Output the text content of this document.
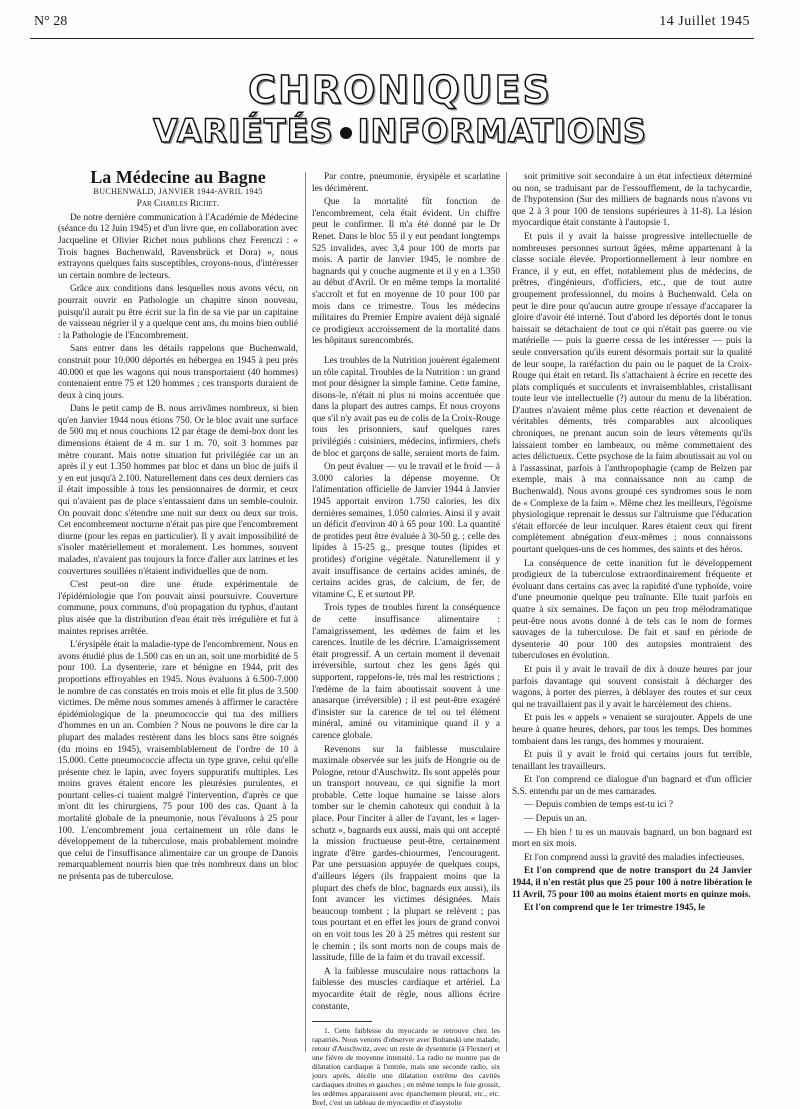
N° 28	14 Juillet 1945
CHRONIQUES
VARIÉTÉS INFORMATIONS

La Médecine au Bagne

BUCHENWALD, JANVIER 1944-AVRIL 1945

Par Charles Richet.

De notre dernière communication à l'Académie de Médecine (séance du 12 Juin 1945) et d'un livre que, en collaboration avec Jacqueline et Olivier Richet nous publions chez Ferenczi : « Trois bagnes Buchenwald, Ravensbrück et Dora) », nous extrayons quelques faits susceptibles, croyons-nous, d'intéresser un certain nombre de lecteurs.

Grâce aux conditions dans lesquelles nous avons vécu, on pourrait ouvrir en Pathologie un chapitre sinon nouveau, puisqu'il aurait pu être écrit sur la fin de sa vie par un capitaine de vaisseau négrier il y a quelque cent ans, du moins bien oublié : la Pathologie de l'Encombrement.

Sans entrer dans les détails rappelons que Buchenwald, construit pour 10.000 déportés en hébergea en 1945 à peu près 40.000 et que les wagons qui nous transportaient (40 hommes) contenaient entre 75 et 120 hommes ; ces transports duraient de deux à cinq jours.

Dans le petit camp de B. nous arrivâmes nombreux, si bien qu'en Janvier 1944 nous étions 750. Or le bloc avait une surface de 500 mq et nous couchions 12 par étage de demi-box dont les dimensions étaient de 4 m. sur 1 m. 70, soit 3 hommes par mètre courant. Mais notre situation fut privilégiée car un an après il y eut 1.350 hommes par bloc et dans un bloc de juifs il y en eut jusqu'à 2.100. Naturellement dans ces deux derniers cas il était impossible à tous les pensionnaires de dormir, et ceux qui n'avaient pas de place s'entassaient dans un semble-couloir. On pouvait donc s'étendre une nuit sur deux ou deux sur trois. Cet encombrement nocturne n'était pas pire que l'encombrement diurne (pour les repas en particulier). Il y avait impossibilité de s'isoler matériellement et moralement. Les hommes, souvent malades, n'avaient pas toujours la force d'aller aux latrines et les couvertures souillées n'étaient individuelles que de nom.

C'est peut-on dire une étude expérimentale de l'épidémiologie que l'on pouvait ainsi poursuivre. Couverture commune, poux communs, d'où propagation du typhus, d'autant plus aisée que la distribution d'eau était très irrégulière et fut à maintes reprises arrêtée.

L'érysipèle était la maladie-type de l'encombrement. Nous en avons étudié plus de 1.500 cas en un an, soit une morbidité de 5 pour 100. La dysenterie, rare et bénigne en 1944, prit des proportions effroyables en 1945. Nous évaluons à 6.500-7.000 le nombre de cas constatés en trois mois et elle fit plus de 3.500 victimes. De même nous sommes amenés à affirmer le caractère épidémiologique de la pneumococcie qui tua des milliers d'hommes en un an. Combien ? Nous ne pouvons le dire car la plupart des malades restèrent dans les blocs sans être soignés (du moins en 1945), vraisemblablement de l'ordre de 10 à 15.000. Cette pneumococcie affecta un type grave, celui qu'elle présente chez le lapin, avec foyers suppuratifs multiples. Les moins graves étaient encore les pleurésies purulentes, et pourtant celles-ci tuaient malgré l'intervention, d'après ce que m'ont dit les chirurgiens, 75 pour 100 des cas. Quant à la mortalité globale de la pneumonie, nous l'évaluons à 25 pour 100. L'encombrement joua certainement un rôle dans le développement de la tuberculose, mais probablement moindre que celui de l'insuffisance alimentaire car un groupe de Danois remarquablement nourris bien que très nombreux dans un bloc ne présenta pas de tuberculose.

Par contre, pneumonie, érysipèle et scarlatine les décimèrent.

Que la mortalité fût fonction de l'encombrement, cela était évident. Un chiffre peut le confirmer. Il m'a été donné par le Dr Renet. Dans le bloc 55 il y eut pendant longtemps 525 invalides, avec 3,4 pour 100 de morts par mois. A partir de Janvier 1945, le nombre de bagnards qui y couche augmente et il y en a 1.350 au début d'Avril. Or en même temps la mortalité s'accroît et fut en moyenne de 10 pour 100 par mois dans ce trimestre. Tous les médecins militaires du Premier Empire avaient déjà signalé ce prodigieux accroissement de la mortalité dans les hôpitaux surencombrés.

Les troubles de la Nutrition jouèrent également un rôle capital. Troubles de la Nutrition : un grand mot pour désigner la simple famine. Cette famine, disons-le, n'était ni plus ni moins accentuée que dans la plupart des autres camps. Et nous croyons que s'il n'y avait pas eu de colis de la Croix-Rouge tous les prisonniers, sauf quelques rares privilégiés : cuisiniers, médecins, infirmiers, chefs de bloc et garçons de salle, seraient morts de faim.

On peut évaluer — vu le travail et le froid — à 3.000 calories la dépense moyenne. Or l'alimentation officielle de Janvier 1944 à Janvier 1945 apportait environ 1.750 calories, les dix dernières semaines, 1.050 calories. Ainsi il y avait un déficit d'environ 40 à 65 pour 100. La quantité de protides peut être évaluée à 30-50 g. ; celle des lipides à 15-25 g., presque toutes (lipides et protides) d'origine végétale. Naturellement il y avait insuffisance de certains acides aminés, de certains acides gras, de calcium, de fer, de vitamine C, E et surtout PP.

Trois types de troubles furent la conséquence de cette insuffisance alimentaire : l'amaigrissement, les œdèmes de faim et les carences. Inutile de les décrire. L'amaigrissement était progressif. A un certain moment il devenait irréversible, surtout chez les gens âgés qui supportent, rappelons-le, très mal les restrictions ; l'œdème de la faim aboutissait souvent à une anasarque (irréversible) ; il est peut-être exagéré d'insister sur la carence de tel ou tel élément minéral, aminé ou vitaminique quand il y a carence globale.

Revenons sur la faiblesse musculaire maximale observée sur les juifs de Hongrie ou de Pologne, retour d'Auschwitz. Ils sont appelés pour un transport nouveau, ce qui signifie la mort probable. Cette loque humaine se laisse alors tomber sur le chemin cahoteux qui conduit à la place. Pour l'inciter à aller de l'avant, les « lager-schutz », bagnards eux aussi, mais qui ont accepté la mission fructueuse peut-être, certainement ingrate d'être gardes-chiourmes, l'encouragent. Par une persuasion appuyée de quelques coups, d'ailleurs légers (ils frappaient moins que la plupart des chefs de bloc, bagnards eux aussi), ils font avancer les victimes désignées. Mais beaucoup tombent ; la plupart se relèvent ; pas tous pourtant et en effet les jours de grand convoi on en voit tous les 20 à 25 mètres qui restent sur le chemin ; ils sont morts non de coups mais de lassitude, fille de la faim et du travail excessif.

A la faiblesse musculaire nous rattachons la faiblesse des muscles cardiaque et artériel. La myocardite était de règle, nous allions écrire constante,

1. Cette faiblesse du myocarde se retrouve chez les rapatriés. Nous venons d'observer avec Boltanski une malade, retour d'Auschwitz, avec un reste de dysenterie (à Flexner) et une fièvre de moyenne intensité. La radio ne montre pas de dilatation cardiaque à l'entrée, mais une seconde radio, six jours après, décèle une dilatation extrême des cavités cardiaques droites et gauches ; en même temps le foie grossit, les œdèmes apparaissent avec épanchement pleural, etc., etc. Bref, c'est un tableau de myocardite et d'asystolie

soit primitive soit secondaire à un état infectieux déterminé ou non, se traduisant par de l'essoufflement, de la tachycardie, de l'hypotension (Sur des milliers de bagnards nous n'avons vu que 2 à 3 pour 100 de tensions supérieures à 11-8). La lésion myocardique était constante à l'autopsie 1.

Et puis il y avait la baisse progressive intellectuelle de nombreuses personnes surtout âgées, même appartenant à la classe sociale élevée. Proportionnellement à leur nombre en France, il y eut, en effet, notablement plus de médecins, de prêtres, d'ingénieurs, d'officiers, etc., que de tout autre groupement professionnel, du moins à Buchenwald. Cela on peut le dire pour qu'aucun autre groupe n'essaye d'accaparer la gloire d'avoir été interné. Tout d'abord les déportés dont le tonus baissait se détachaient de tout ce qui n'était pas guerre ou vie matérielle — puis la guerre cessa de les intéresser — puis la seule conversation qu'ils eurent désormais portait sur la qualité de leur soupe, la raréfaction du pain ou le paquet de la Croix-Rouge qui était en retard. Ils s'attachaient à écrire en recette des plats compliqués et succulents et invraisemblables, cristallisant toute leur vie intellectuelle (?) autour du menu de la libération. D'autres n'avaient même plus cette réaction et devenaient de véritables déments, très comparables aux alcooliques chroniques, ne prenant aucun soin de leurs vêtements qu'ils laissaient tomber en lambeaux, ou même commettaient des actes délictueux. Cette psychose de la faim aboutissait au vol ou à l'assassinat, parfois à l'anthropophagie (camp de Belzen par exemple, mais à ma connaissance non au camp de Buchenwald). Nous avons groupé ces syndromes sous le nom de « Complexe de la faim ». Même chez les meilleurs, l'égoïsme physiologique reprenait le dessus sur l'altruisme que l'éducation s'était efforcée de leur inculquer. Rares étaient ceux qui firent complètement abnégation d'eux-mêmes ; nous connaissons pourtant quelques-uns de ces hommes, des saints et des héros.

La conséquence de cette inanition fut le développement prodigieux de la tuberculose extraordinairement fréquente et évoluant dans certains cas avec la rapidité d'une typhoïde, voire d'une pneumonie quelque peu traînante. Elle tuait parfois en quatre à six semaines. De façon un peu trop mélodramatique peut-être nous avons donné à de tels cas le nom de formes sauvages de la tuberculose. De fait et sauf en période de dysenterie 40 pour 100 des autopsies montraient des tuberculoses en évolution.

Et puis il y avait le travail de dix à douze heures par jour parfois davantage qui souvent consistait à décharger des wagons, à porter des pierres, à déblayer des routes et sur ceux qui ne travaillaient pas il y avait le harcèlement des chiens.

Et puis les « appels » venaient se surajouter. Appels de une heure à quatre heures, dehors, par tous les temps. Des hommes tombaient dans les rangs, des hommes y mouraient.

Et puis il y avait le froid qui certains jours fut terrible, tenaillant les travailleurs.

Et l'on comprend ce dialogue d'un bagnard et d'un officier S.S. entendu par un de mes camarades.

— Depuis combien de temps est-tu ici ?

— Depuis un an.

— Eh bien ! tu es un mauvais bagnard, un bon bagnard est mort en six mois.

Et l'on comprend aussi la gravité des maladies infectieuses.

Et l'on comprend que de notre transport du 24 Janvier 1944, il n'en restât plus que 25 pour 100 à notre libération le 11 Avril, 75 pour 100 au moins étaient morts en quinze mois.

Et l'on comprend que le 1er trimestre 1945, le
